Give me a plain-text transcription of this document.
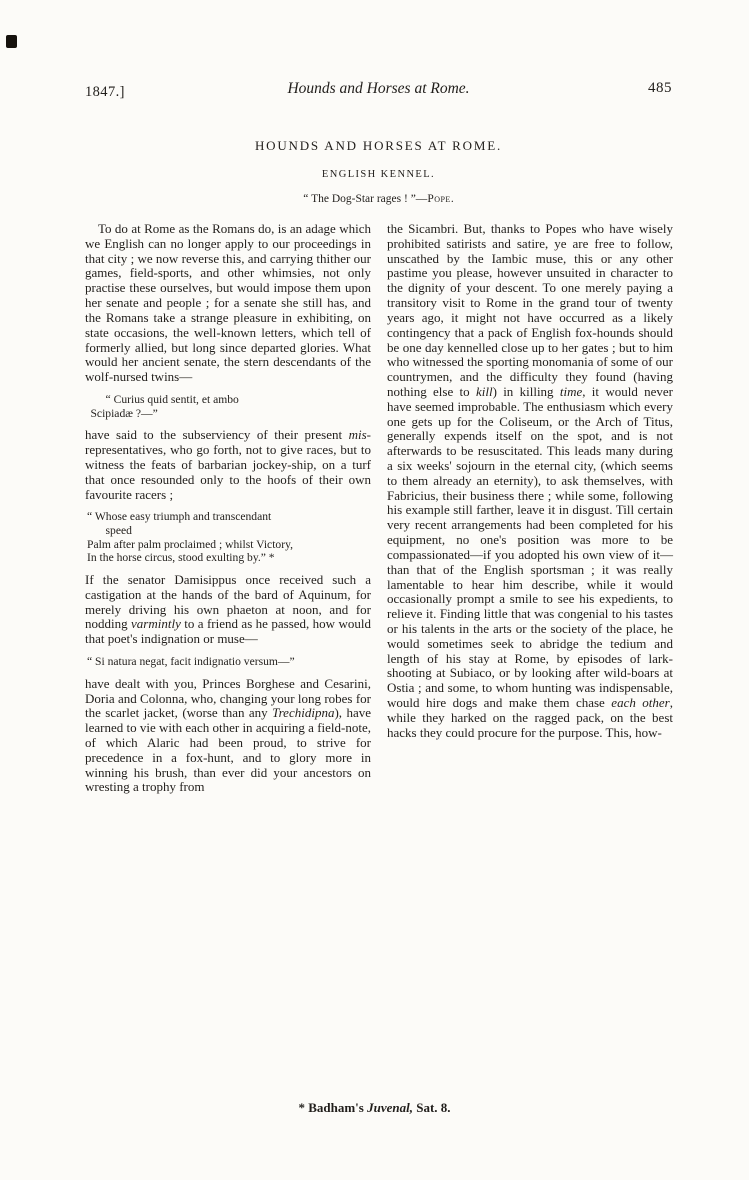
1847.]	Hounds and Horses at Rome.	485
HOUNDS AND HORSES AT ROME.
ENGLISH KENNEL.
“ The Dog-Star rages ! ”—Pope.
To do at Rome as the Romans do, is an adage which we English can no longer apply to our proceedings in that city ; we now reverse this, and carrying thither our games, field-sports, and other whimsies, not only practise these ourselves, but would impose them upon her senate and people ; for a senate she still has, and the Romans take a strange pleasure in exhibiting, on state occasions, the well-known letters, which tell of formerly allied, but long since departed glories. What would her ancient senate, the stern descendants of the wolf-nursed twins—
“ Curius quid sentit, et ambo
Scipiadæ ?—”
have said to the subserviency of their present mis-representatives, who go forth, not to give races, but to witness the feats of barbarian jockey-ship, on a turf that once resounded only to the hoofs of their own favourite racers ;
“ Whose easy triumph and transcendant
speed
Palm after palm proclaimed ; whilst Victory,
In the horse circus, stood exulting by.” *
If the senator Damisippus once received such a castigation at the hands of the bard of Aquinum, for merely driving his own phaeton at noon, and for nodding varmintly to a friend as he passed, how would that poet's indignation or muse—
“ Si natura negat, facit indignatio versum—”
have dealt with you, Princes Borghese and Cesarini, Doria and Colonna, who, changing your long robes for the scarlet jacket, (worse than any Trechidipna), have learned to vie with each other in acquiring a field-note, of which Alaric had been proud, to strive for precedence in a fox-hunt, and to glory more in winning his brush, than ever did your ancestors on wresting a trophy from
the Sicambri. But, thanks to Popes who have wisely prohibited satirists and satire, ye are free to follow, unscathed by the Iambic muse, this or any other pastime you please, however unsuited in character to the dignity of your descent. To one merely paying a transitory visit to Rome in the grand tour of twenty years ago, it might not have occurred as a likely contingency that a pack of English fox-hounds should be one day kennelled close up to her gates ; but to him who witnessed the sporting monomania of some of our countrymen, and the difficulty they found (having nothing else to kill) in killing time, it would never have seemed improbable. The enthusiasm which every one gets up for the Coliseum, or the Arch of Titus, generally expends itself on the spot, and is not afterwards to be resuscitated. This leads many during a six weeks' sojourn in the eternal city, (which seems to them already an eternity), to ask themselves, with Fabricius, their business there ; while some, following his example still farther, leave it in disgust. Till certain very recent arrangements had been completed for his equipment, no one's position was more to be compassionated—if you adopted his own view of it—than that of the English sportsman ; it was really lamentable to hear him describe, while it would occasionally prompt a smile to see his expedients, to relieve it. Finding little that was congenial to his tastes or his talents in the arts or the society of the place, he would sometimes seek to abridge the tedium and length of his stay at Rome, by episodes of lark-shooting at Subiaco, or by looking after wild-boars at Ostia ; and some, to whom hunting was indispensable, would hire dogs and make them chase each other, while they harked on the ragged pack, on the best hacks they could procure for the purpose. This, how-
* Badham's Juvenal, Sat. 8.
